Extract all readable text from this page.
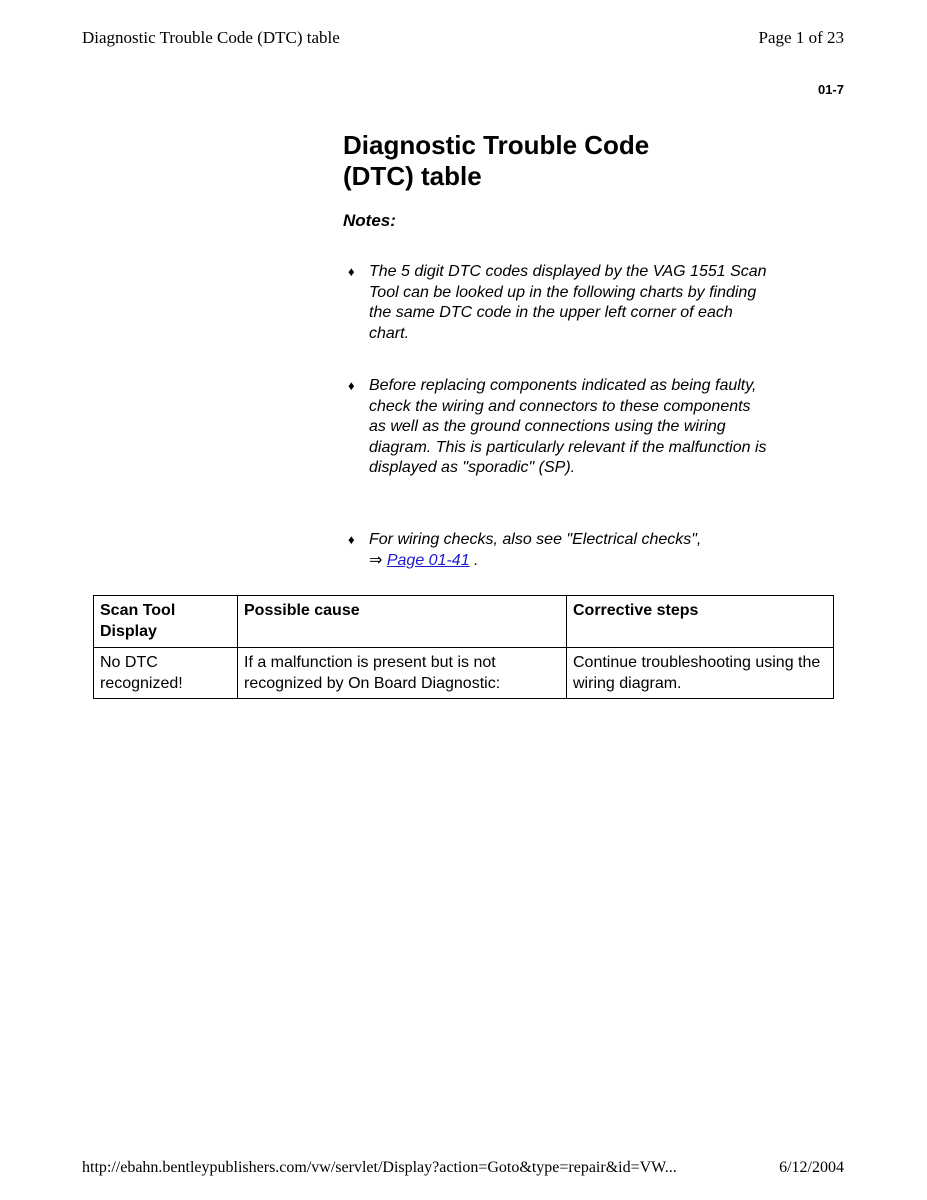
Diagnostic Trouble Code (DTC) table	Page 1 of 23
01-7
Diagnostic Trouble Code (DTC) table
Notes:
♦ The 5 digit DTC codes displayed by the VAG 1551 Scan Tool can be looked up in the following charts by finding the same DTC code in the upper left corner of each chart.
♦ Before replacing components indicated as being faulty, check the wiring and connectors to these components as well as the ground connections using the wiring diagram. This is particularly relevant if the malfunction is displayed as "sporadic" (SP).
♦ For wiring checks, also see "Electrical checks",
⇒ Page 01-41 .
Scan Tool Display	Possible cause	Corrective steps
No DTC recognized!	If a malfunction is present but is not recognized by On Board Diagnostic:	Continue troubleshooting using the wiring diagram.
http://ebahn.bentleypublishers.com/vw/servlet/Display?action=Goto&type=repair&id=VW...	6/12/2004
